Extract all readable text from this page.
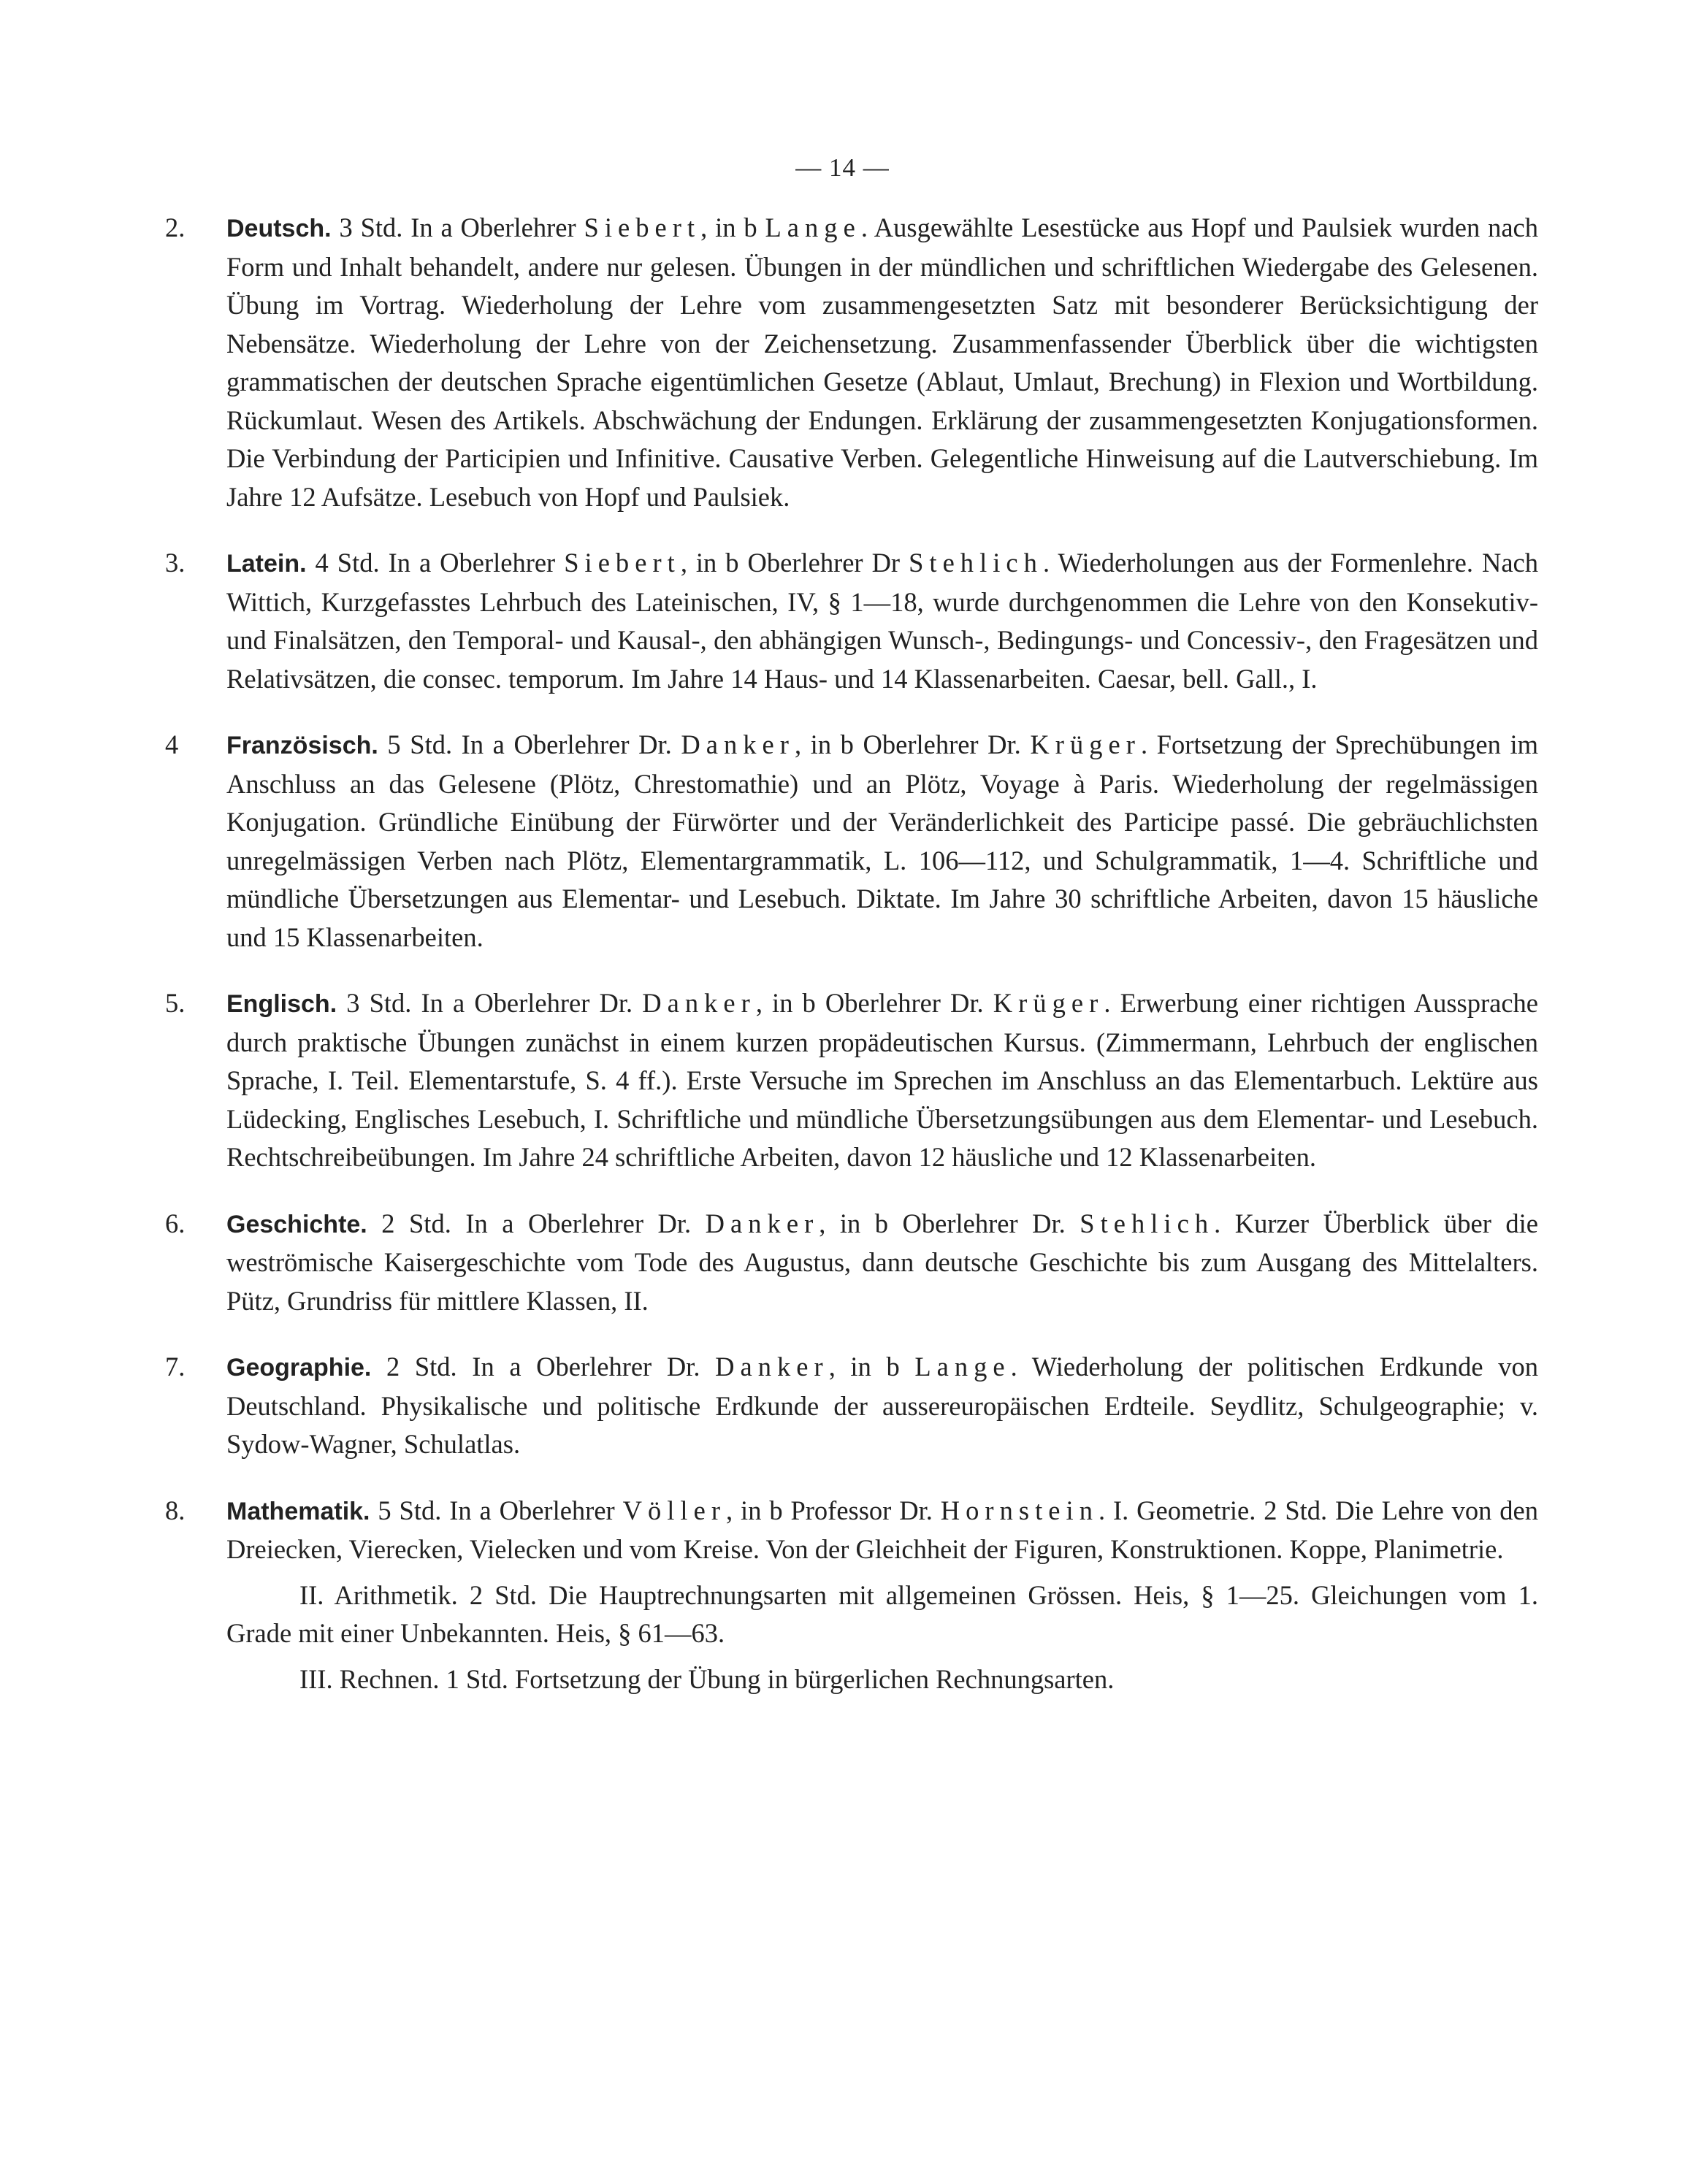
— 14 —
2. Deutsch. 3 Std. In a Oberlehrer Siebert, in b Lange. Ausgewählte Lesestücke aus Hopf und Paulsiek wurden nach Form und Inhalt behandelt, andere nur gelesen. Übungen in der mündlichen und schriftlichen Wiedergabe des Gelesenen. Übung im Vortrag. Wiederholung der Lehre vom zusammengesetzten Satz mit besonderer Berücksichtigung der Nebensätze. Wiederholung der Lehre von der Zeichensetzung. Zusammenfassender Überblick über die wichtigsten grammatischen der deutschen Sprache eigentümlichen Gesetze (Ablaut, Umlaut, Brechung) in Flexion und Wortbildung. Rückumlaut. Wesen des Artikels. Abschwächung der Endungen. Erklärung der zusammengesetzten Konjugationsformen. Die Verbindung der Participien und Infinitive. Causative Verben. Gelegentliche Hinweisung auf die Lautverschiebung. Im Jahre 12 Aufsätze. Lesebuch von Hopf und Paulsiek.
3. Latein. 4 Std. In a Oberlehrer Siebert, in b Oberlehrer Dr Stehlich. Wiederholungen aus der Formenlehre. Nach Wittich, Kurzgefasstes Lehrbuch des Lateinischen, IV, § 1—18, wurde durchgenommen die Lehre von den Konsekutiv- und Finalsätzen, den Temporal- und Kausal-, den abhängigen Wunsch-, Bedingungs- und Concessiv-, den Fragesätzen und Relativsätzen, die consec. temporum. Im Jahre 14 Haus- und 14 Klassenarbeiten. Caesar, bell. Gall., I.
4 Französisch. 5 Std. In a Oberlehrer Dr. Danker, in b Oberlehrer Dr. Krüger. Fortsetzung der Sprechübungen im Anschluss an das Gelesene (Plötz, Chrestomathie) und an Plötz, Voyage à Paris. Wiederholung der regelmässigen Konjugation. Gründliche Einübung der Fürwörter und der Veränderlichkeit des Participe passé. Die gebräuchlichsten unregelmässigen Verben nach Plötz, Elementargrammatik, L. 106—112, und Schulgrammatik, 1—4. Schriftliche und mündliche Übersetzungen aus Elementar- und Lesebuch. Diktate. Im Jahre 30 schriftliche Arbeiten, davon 15 häusliche und 15 Klassenarbeiten.
5. Englisch. 3 Std. In a Oberlehrer Dr. Danker, in b Oberlehrer Dr. Krüger. Erwerbung einer richtigen Aussprache durch praktische Übungen zunächst in einem kurzen propädeutischen Kursus. (Zimmermann, Lehrbuch der englischen Sprache, I. Teil. Elementarstufe, S. 4 ff.). Erste Versuche im Sprechen im Anschluss an das Elementarbuch. Lektüre aus Lüdecking, Englisches Lesebuch, I. Schriftliche und mündliche Übersetzungsübungen aus dem Elementar- und Lesebuch. Rechtschreibeübungen. Im Jahre 24 schriftliche Arbeiten, davon 12 häusliche und 12 Klassenarbeiten.
6. Geschichte. 2 Std. In a Oberlehrer Dr. Danker, in b Oberlehrer Dr. Stehlich. Kurzer Überblick über die weströmische Kaisergeschichte vom Tode des Augustus, dann deutsche Geschichte bis zum Ausgang des Mittelalters. Pütz, Grundriss für mittlere Klassen, II.
7. Geographie. 2 Std. In a Oberlehrer Dr. Danker, in b Lange. Wiederholung der politischen Erdkunde von Deutschland. Physikalische und politische Erdkunde der aussereuropäischen Erdteile. Seydlitz, Schulgeographie; v. Sydow-Wagner, Schulatlas.
8. Mathematik. 5 Std. In a Oberlehrer Völler, in b Professor Dr. Hornstein. I. Geometrie. 2 Std. Die Lehre von den Dreiecken, Vierecken, Vielecken und vom Kreise. Von der Gleichheit der Figuren, Konstruktionen. Koppe, Planimetrie.
II. Arithmetik. 2 Std. Die Hauptrechnungsarten mit allgemeinen Grössen. Heis, § 1—25. Gleichungen vom 1. Grade mit einer Unbekannten. Heis, § 61—63.
III. Rechnen. 1 Std. Fortsetzung der Übung in bürgerlichen Rechnungsarten.
